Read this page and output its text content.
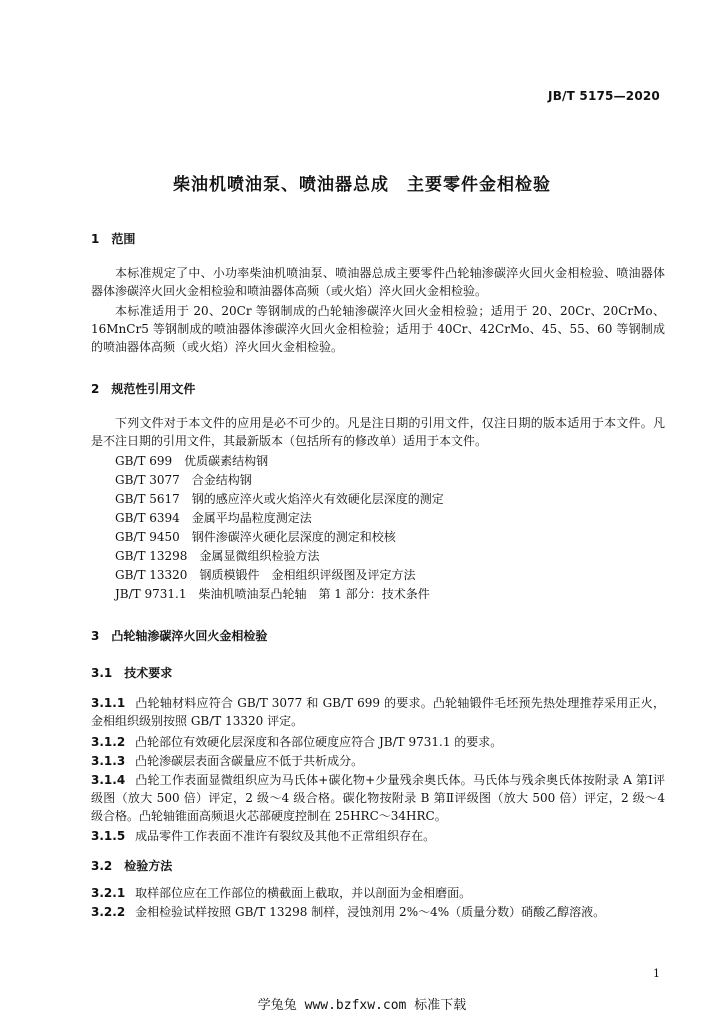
JB/T 5175—2020
柴油机喷油泵、喷油器总成　主要零件金相检验
1　范围
本标准规定了中、小功率柴油机喷油泵、喷油器总成主要零件凸轮轴渗碳淬火回火金相检验、喷油器体器体渗碳淬火回火金相检验和喷油器体高频（或火焰）淬火回火金相检验。
本标准适用于 20、20Cr 等钢制成的凸轮轴渗碳淬火回火金相检验；适用于 20、20Cr、20CrMo、16MnCr5 等钢制成的喷油器体渗碳淬火回火金相检验；适用于 40Cr、42CrMo、45、55、60 等钢制成的喷油器体高频（或火焰）淬火回火金相检验。
2　规范性引用文件
下列文件对于本文件的应用是必不可少的。凡是注日期的引用文件，仅注日期的版本适用于本文件。凡是不注日期的引用文件，其最新版本（包括所有的修改单）适用于本文件。
GB/T 699　优质碳素结构钢
GB/T 3077　合金结构钢
GB/T 5617　钢的感应淬火或火焰淬火有效硬化层深度的测定
GB/T 6394　金属平均晶粒度测定法
GB/T 9450　钢件渗碳淬火硬化层深度的测定和校核
GB/T 13298　金属显微组织检验方法
GB/T 13320　钢质模锻件　金相组织评级图及评定方法
JB/T 9731.1　柴油机喷油泵凸轮轴　第 1 部分：技术条件
3　凸轮轴渗碳淬火回火金相检验
3.1　技术要求
3.1.1 凸轮轴材料应符合 GB/T 3077 和 GB/T 699 的要求。凸轮轴锻件毛坯预先热处理推荐采用正火，金相组织级别按照 GB/T 13320 评定。
3.1.2 凸轮部位有效硬化层深度和各部位硬度应符合 JB/T 9731.1 的要求。
3.1.3 凸轮渗碳层表面含碳量应不低于共析成分。
3.1.4 凸轮工作表面显微组织应为马氏体+碳化物+少量残余奥氏体。马氏体与残余奥氏体按附录 A 第Ⅰ评级图（放大 500 倍）评定，2 级～4 级合格。碳化物按附录 B 第Ⅱ评级图（放大 500 倍）评定，2 级～4 级合格。凸轮轴锥面高频退火芯部硬度控制在 25HRC～34HRC。
3.1.5 成品零件工作表面不准许有裂纹及其他不正常组织存在。
3.2　检验方法
3.2.1 取样部位应在工作部位的横截面上截取，并以剖面为金相磨面。
3.2.2 金相检验试样按照 GB/T 13298 制样，浸蚀剂用 2%～4%（质量分数）硝酸乙醇溶液。
1
学兔兔 www.bzfxw.com 标准下载
